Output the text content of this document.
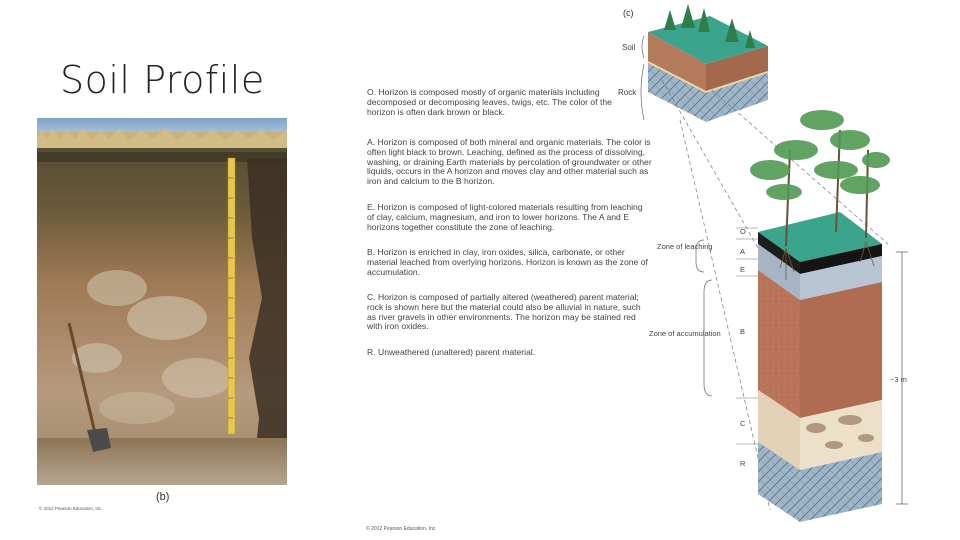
Soil Profile
(b)
© 2012 Pearson Education, Inc.
O. Horizon is composed mostly of organic materials including decomposed or decomposing leaves, twigs, etc. The color of the horizon is often dark brown or black.
A. Horizon is composed of both mineral and organic materials. The color is often light black to brown. Leaching, defined as the process of dissolving, washing, or draining Earth materials by percolation of groundwater or other liquids, occurs in the A horizon and moves clay and other material such as iron and calcium to the B horizon.
E. Horizon is composed of light-colored materials resulting from leaching of clay, calcium, magnesium, and iron to lower horizons. The A and E horizons together constitute the zone of leaching.
B. Horizon is enriched in clay, iron oxides, silica, carbonate, or other material leached from overlying horizons. Horizon is known as the zone of accumulation.
C. Horizon is composed of partially altered (weathered) parent material; rock is shown here but the material could also be alluvial in nature, such as river gravels in other environments. The horizon may be stained red with iron oxides.
R. Unweathered (unaltered) parent material.
© 2012 Pearson Education, Inc.
(c)
Soil
Rock
O
A
E
B
C
R
Zone of leaching
Zone of accumulation
~3 m
